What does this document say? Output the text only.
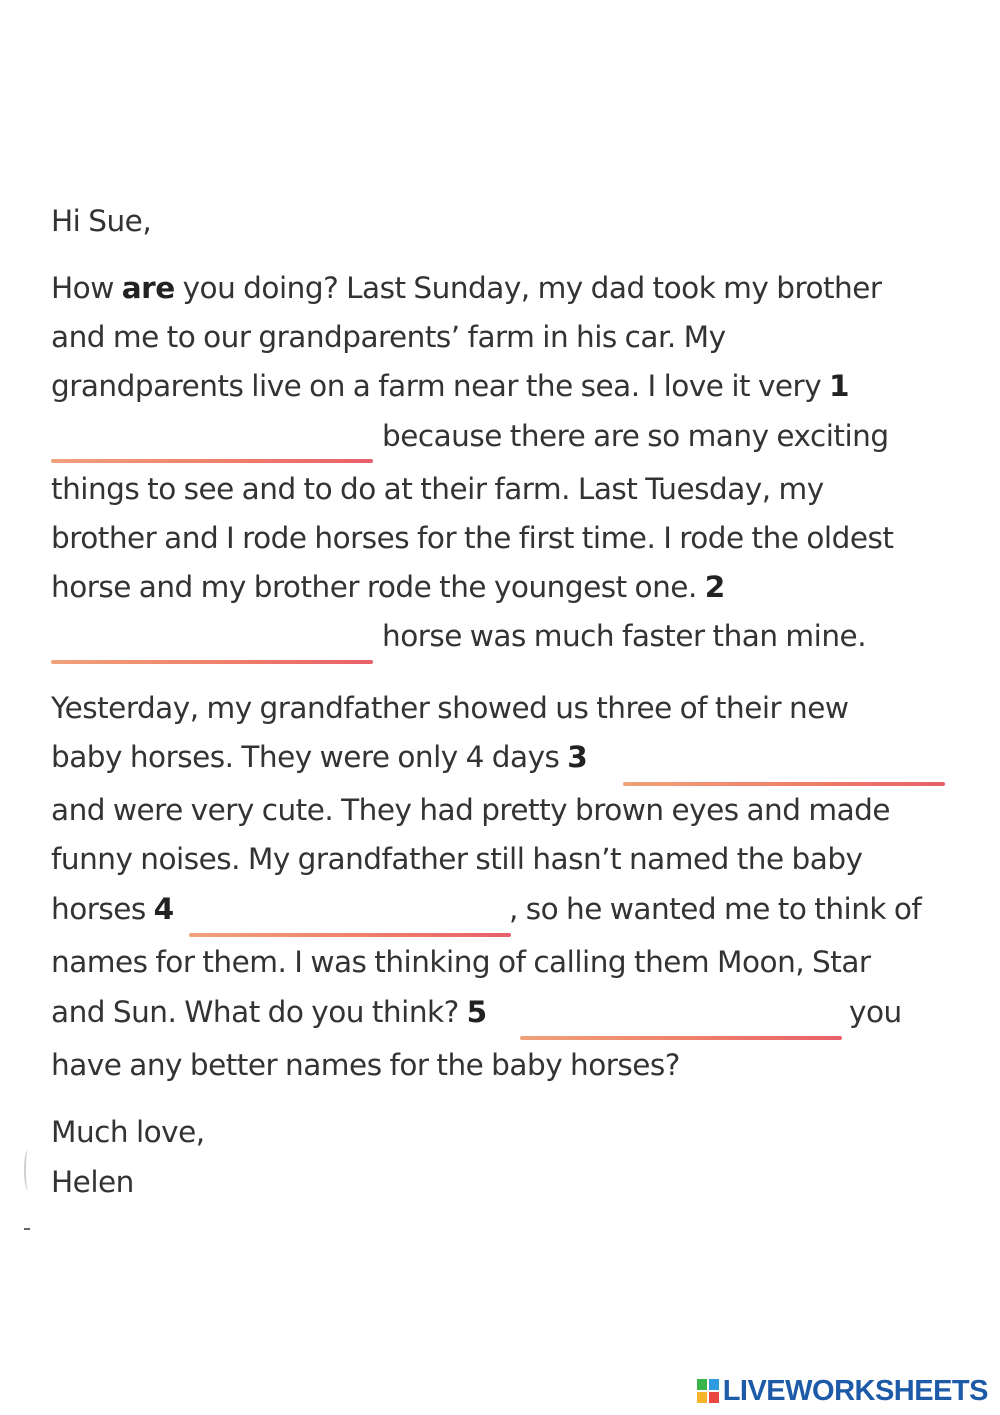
Hi Sue,
How are you doing? Last Sunday, my dad took my brother
and me to our grandparents’ farm in his car. My
grandparents live on a farm near the sea. I love it very 1
because there are so many exciting
things to see and to do at their farm. Last Tuesday, my
brother and I rode horses for the first time. I rode the oldest
horse and my brother rode the youngest one. 2
horse was much faster than mine.
Yesterday, my grandfather showed us three of their new
baby horses. They were only 4 days 3
and were very cute. They had pretty brown eyes and made
funny noises. My grandfather still hasn’t named the baby
horses 4	, so he wanted me to think of
names for them. I was thinking of calling them Moon, Star
and Sun. What do you think? 5	you
have any better names for the baby horses?
Much love,
Helen
LIVEWORKSHEETS
